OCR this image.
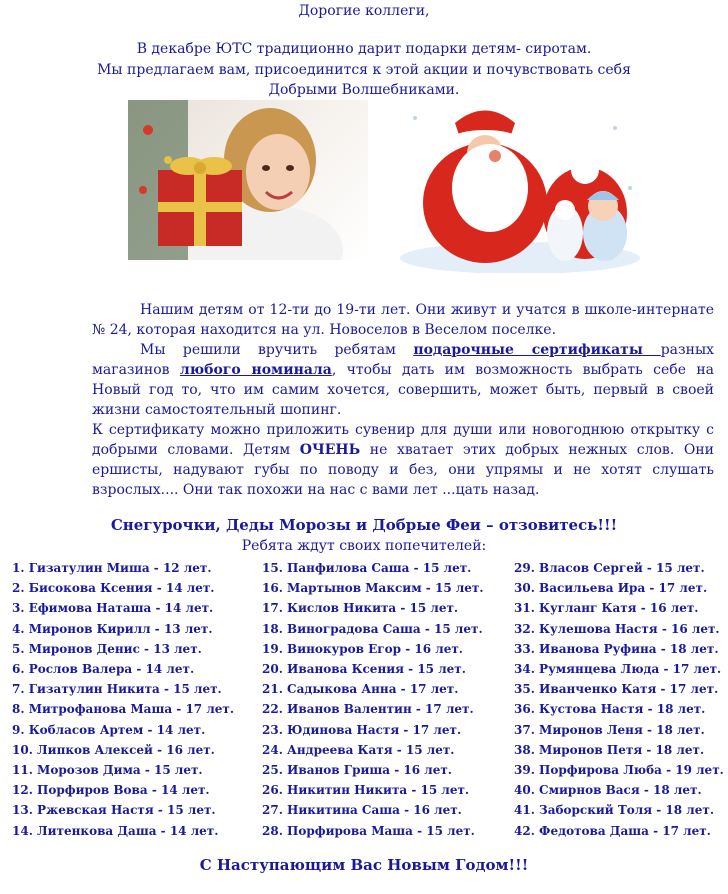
Дорогие коллеги,
В декабре ЮТС традиционно дарит подарки детям- сиротам.
Мы предлагаем вам, присоединится к этой акции и почувствовать себя
Добрыми Волшебниками.

Нашим детям от 12-ти до 19-ти лет. Они живут и учатся в школе-интернате № 24, которая находится на ул. Новоселов в Веселом поселке.

Мы решили вручить ребятам подарочные сертификаты разных магазинов любого номинала, чтобы дать им возможность выбрать себе на Новый год то, что им самим хочется, совершить, может быть, первый в своей жизни самостоятельный шопинг.

К сертификату можно приложить сувенир для души или новогоднюю открытку с добрыми словами. Детям ОЧЕНЬ не хватает этих добрых нежных слов. Они ершисты, надувают губы по поводу и без, они упрямы и не хотят слушать взрослых.... Они так похожи на нас с вами лет ...цать назад.

Снегурочки, Деды Морозы и Добрые Феи – отзовитесь!!!
Ребята ждут своих попечителей:
1. Гизатулин Миша - 12 лет.
2. Бисокова Ксения - 14 лет.
3. Ефимова Наташа - 14 лет.
4. Миронов Кирилл - 13 лет.
5. Миронов Денис - 13 лет.
6. Рослов Валера - 14 лет.
7. Гизатулин Никита - 15 лет.
8. Митрофанова Маша - 17 лет.
9. Кобласов Артем - 14 лет.
10. Липков Алексей - 16 лет.
11. Морозов Дима - 15 лет.
12. Порфиров Вова - 14 лет.
13. Ржевская Настя - 15 лет.
14. Литенкова Даша - 14 лет.
15. Панфилова Саша - 15 лет.
16. Мартынов Максим - 15 лет.
17. Кислов Никита - 15 лет.
18. Виноградова Саша - 15 лет.
19. Винокуров Егор - 16 лет.
20. Иванова Ксения - 15 лет.
21. Садыкова Анна - 17 лет.
22. Иванов Валентин - 17 лет.
23. Юдинова Настя - 17 лет.
24. Андреева Катя - 15 лет.
25. Иванов Гриша - 16 лет.
26. Никитин Никита - 15 лет.
27. Никитина Саша - 16 лет.
28. Порфирова Маша - 15 лет.
29. Власов Сергей - 15 лет.
30. Васильева Ира - 17 лет.
31. Кугланг Катя - 16 лет.
32. Кулешова Настя - 16 лет.
33. Иванова Руфина - 18 лет.
34. Румянцева Люда - 17 лет.
35. Иванченко Катя - 17 лет.
36. Кустова Настя - 18 лет.
37. Миронов Леня - 18 лет.
38. Миронов Петя - 18 лет.
39. Порфирова Люба - 19 лет.
40. Смирнов Вася - 18 лет.
41. Заборский Толя - 18 лет.
42. Федотова Даша - 17 лет.
С Наступающим Вас Новым Годом!!!
